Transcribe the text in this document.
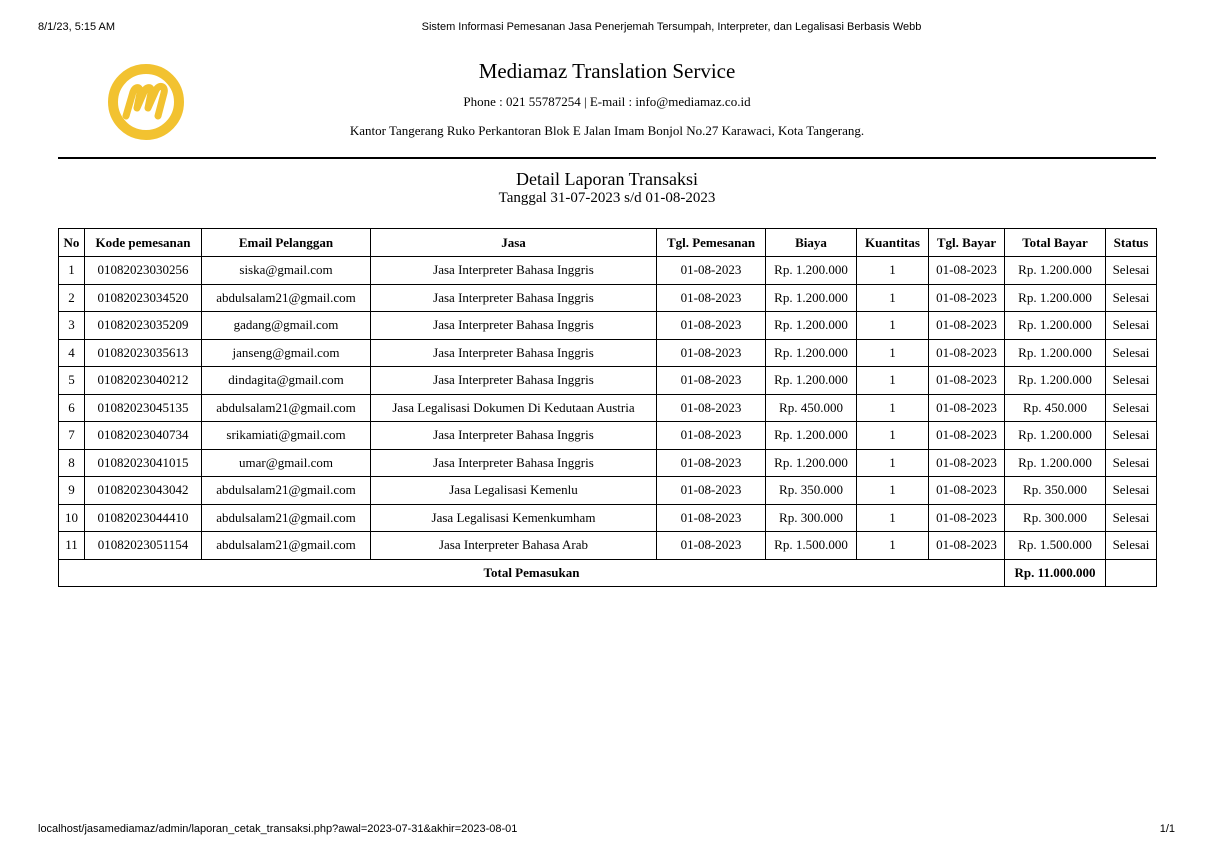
8/1/23, 5:15 AM	Sistem Informasi Pemesanan Jasa Penerjemah Tersumpah, Interpreter, dan Legalisasi Berbasis Webb
Mediamaz Translation Service
Phone : 021 55787254 | E-mail : info@mediamaz.co.id
Kantor Tangerang Ruko Perkantoran Blok E Jalan Imam Bonjol No.27 Karawaci, Kota Tangerang.
Detail Laporan Transaksi
Tanggal 31-07-2023 s/d 01-08-2023
No	Kode pemesanan	Email Pelanggan	Jasa	Tgl. Pemesanan	Biaya	Kuantitas	Tgl. Bayar	Total Bayar	Status
1	01082023030256	siska@gmail.com	Jasa Interpreter Bahasa Inggris	01-08-2023	Rp. 1.200.000	1	01-08-2023	Rp. 1.200.000	Selesai
2	01082023034520	abdulsalam21@gmail.com	Jasa Interpreter Bahasa Inggris	01-08-2023	Rp. 1.200.000	1	01-08-2023	Rp. 1.200.000	Selesai
3	01082023035209	gadang@gmail.com	Jasa Interpreter Bahasa Inggris	01-08-2023	Rp. 1.200.000	1	01-08-2023	Rp. 1.200.000	Selesai
4	01082023035613	janseng@gmail.com	Jasa Interpreter Bahasa Inggris	01-08-2023	Rp. 1.200.000	1	01-08-2023	Rp. 1.200.000	Selesai
5	01082023040212	dindagita@gmail.com	Jasa Interpreter Bahasa Inggris	01-08-2023	Rp. 1.200.000	1	01-08-2023	Rp. 1.200.000	Selesai
6	01082023045135	abdulsalam21@gmail.com	Jasa Legalisasi Dokumen Di Kedutaan Austria	01-08-2023	Rp. 450.000	1	01-08-2023	Rp. 450.000	Selesai
7	01082023040734	srikamiati@gmail.com	Jasa Interpreter Bahasa Inggris	01-08-2023	Rp. 1.200.000	1	01-08-2023	Rp. 1.200.000	Selesai
8	01082023041015	umar@gmail.com	Jasa Interpreter Bahasa Inggris	01-08-2023	Rp. 1.200.000	1	01-08-2023	Rp. 1.200.000	Selesai
9	01082023043042	abdulsalam21@gmail.com	Jasa Legalisasi Kemenlu	01-08-2023	Rp. 350.000	1	01-08-2023	Rp. 350.000	Selesai
10	01082023044410	abdulsalam21@gmail.com	Jasa Legalisasi Kemenkumham	01-08-2023	Rp. 300.000	1	01-08-2023	Rp. 300.000	Selesai
11	01082023051154	abdulsalam21@gmail.com	Jasa Interpreter Bahasa Arab	01-08-2023	Rp. 1.500.000	1	01-08-2023	Rp. 1.500.000	Selesai
Total Pemasukan								Rp. 11.000.000	
localhost/jasamediamaz/admin/laporan_cetak_transaksi.php?awal=2023-07-31&akhir=2023-08-01	1/1
